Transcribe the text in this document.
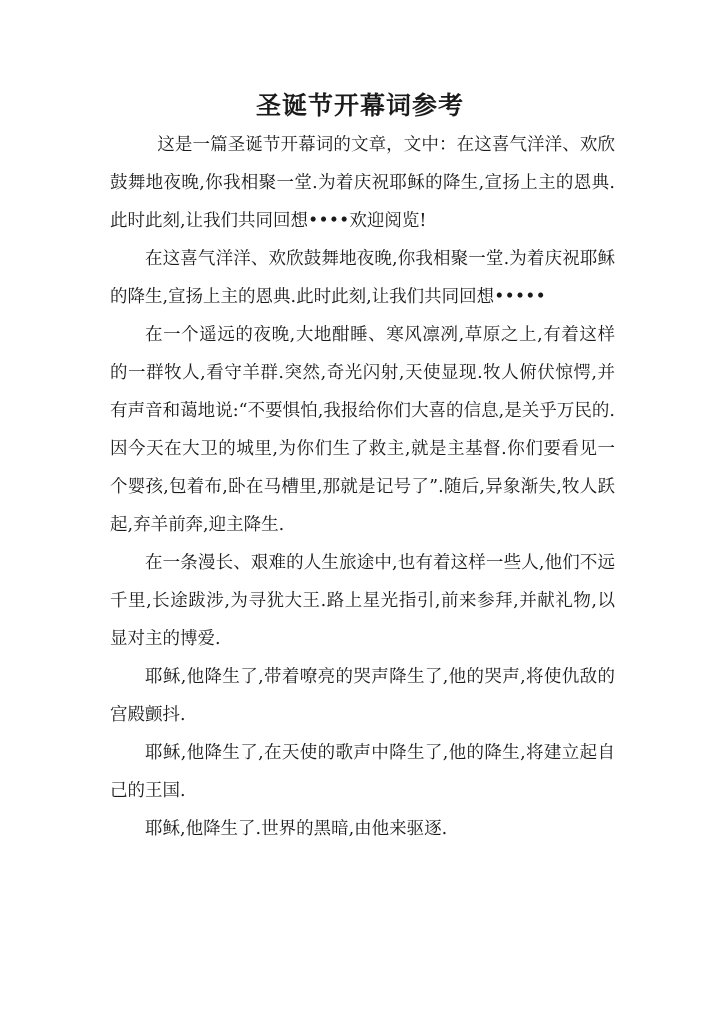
圣诞节开幕词参考

这是一篇圣诞节开幕词的文章，文中：在这喜气洋洋、欢欣鼓舞地夜晚,你我相聚一堂.为着庆祝耶稣的降生,宣扬上主的恩典.此时此刻,让我们共同回想••••欢迎阅览!

在这喜气洋洋、欢欣鼓舞地夜晚,你我相聚一堂.为着庆祝耶稣的降生,宣扬上主的恩典.此时此刻,让我们共同回想•••••

在一个遥远的夜晚,大地酣睡、寒风凛冽,草原之上,有着这样的一群牧人,看守羊群.突然,奇光闪射,天使显现.牧人俯伏惊愕,并有声音和蔼地说:“不要惧怕,我报给你们大喜的信息,是关乎万民的.因今天在大卫的城里,为你们生了救主,就是主基督.你们要看见一个婴孩,包着布,卧在马槽里,那就是记号了”.随后,异象渐失,牧人跃起,弃羊前奔,迎主降生.

在一条漫长、艰难的人生旅途中,也有着这样一些人,他们不远千里,长途跋涉,为寻犹大王.路上星光指引,前来参拜,并献礼物,以显对主的博爱.

耶稣,他降生了,带着嘹亮的哭声降生了,他的哭声,将使仇敌的宫殿颤抖.

耶稣,他降生了,在天使的歌声中降生了,他的降生,将建立起自己的王国.

耶稣,他降生了.世界的黑暗,由他来驱逐.
